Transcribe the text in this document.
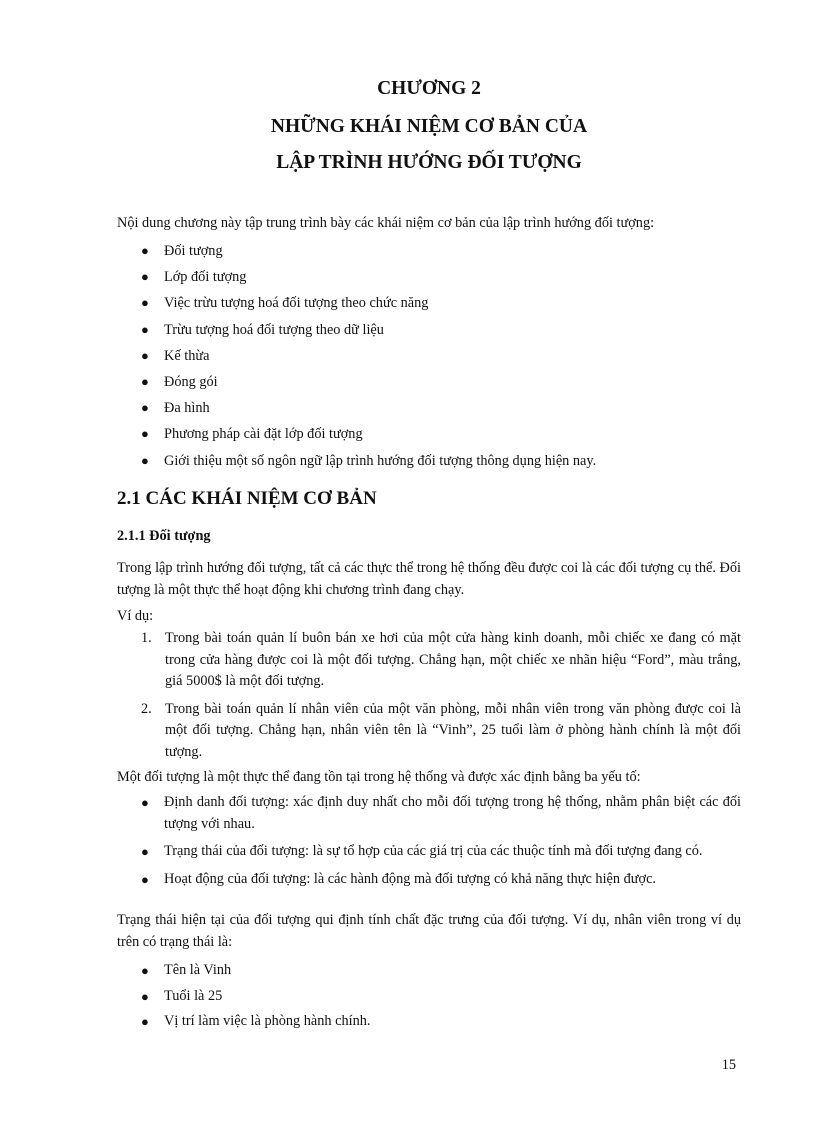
CHƯƠNG 2
NHỮNG KHÁI NIỆM CƠ BẢN CỦA
LẬP TRÌNH HƯỚNG ĐỐI TƯỢNG
Nội dung chương này tập trung trình bày các khái niệm cơ bản của lập trình hướng đối tượng:
● Đối tượng
● Lớp đối tượng
● Việc trừu tượng hoá đối tượng theo chức năng
● Trừu tượng hoá đối tượng theo dữ liệu
● Kế thừa
● Đóng gói
● Đa hình
● Phương pháp cài đặt lớp đối tượng
● Giới thiệu một số ngôn ngữ lập trình hướng đối tượng thông dụng hiện nay.
2.1 CÁC KHÁI NIỆM CƠ BẢN
2.1.1 Đối tượng
Trong lập trình hướng đối tượng, tất cả các thực thể trong hệ thống đều được coi là các đối tượng cụ thể. Đối tượng là một thực thể hoạt động khi chương trình đang chạy.
Ví dụ:
1. Trong bài toán quản lí buôn bán xe hơi của một cửa hàng kinh doanh, mỗi chiếc xe đang có mặt trong cửa hàng được coi là một đối tượng. Chẳng hạn, một chiếc xe nhãn hiệu “Ford”, màu trắng, giá 5000$ là một đối tượng.
2. Trong bài toán quản lí nhân viên của một văn phòng, mỗi nhân viên trong văn phòng được coi là một đối tượng. Chẳng hạn, nhân viên tên là “Vinh”, 25 tuổi làm ở phòng hành chính là một đối tượng.
Một đối tượng là một thực thể đang tồn tại trong hệ thống và được xác định bằng ba yếu tố:
● Định danh đối tượng: xác định duy nhất cho mỗi đối tượng trong hệ thống, nhằm phân biệt các đối tượng với nhau.
● Trạng thái của đối tượng: là sự tổ hợp của các giá trị của các thuộc tính mà đối tượng đang có.
● Hoạt động của đối tượng: là các hành động mà đối tượng có khả năng thực hiện được.
Trạng thái hiện tại của đối tượng qui định tính chất đặc trưng của đối tượng. Ví dụ, nhân viên trong ví dụ trên có trạng thái là:
● Tên là Vinh
● Tuổi là 25
● Vị trí làm việc là phòng hành chính.
15
